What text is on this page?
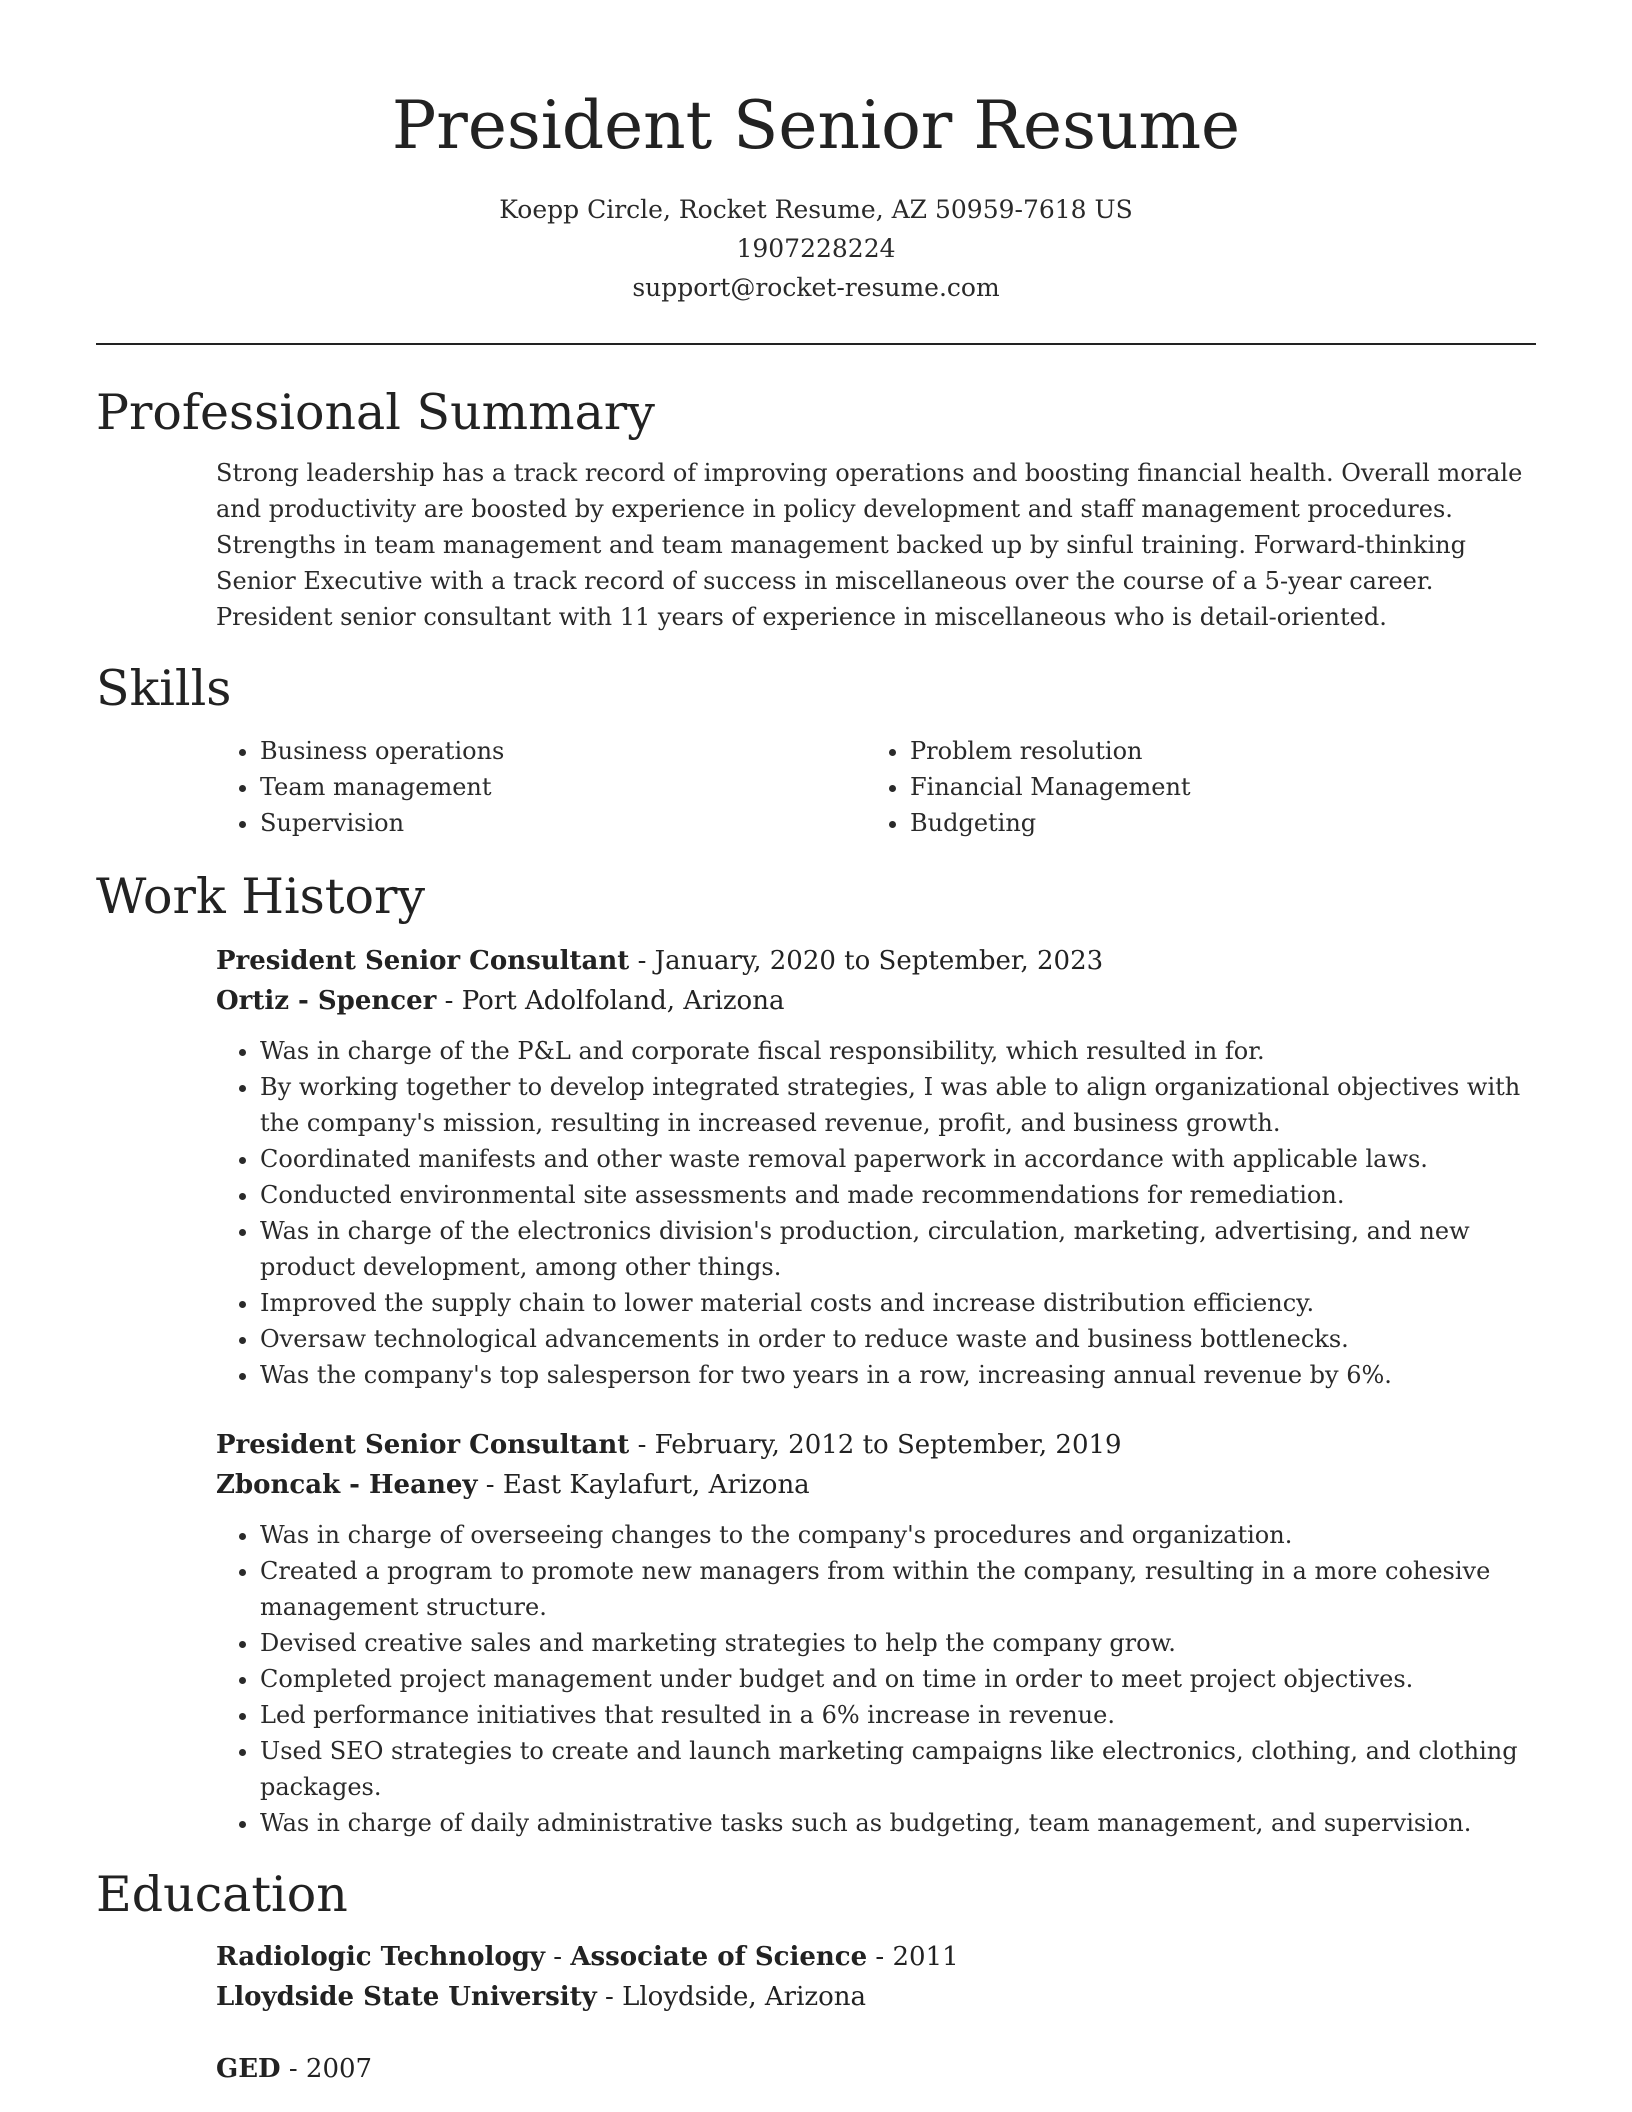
President Senior Resume
Koepp Circle, Rocket Resume, AZ 50959-7618 US
1907228224
support@rocket-resume.com
Professional Summary

Strong leadership has a track record of improving operations and boosting financial health. Overall morale and productivity are boosted by experience in policy development and staff management procedures. Strengths in team management and team management backed up by sinful training. Forward-thinking Senior Executive with a track record of success in miscellaneous over the course of a 5-year career. President senior consultant with 11 years of experience in miscellaneous who is detail-oriented.

Skills
• Business operations
• Team management
• Supervision
• Problem resolution
• Financial Management
• Budgeting
Work History
President Senior Consultant - January, 2020 to September, 2023
Ortiz - Spencer - Port Adolfoland, Arizona
• Was in charge of the P&L and corporate fiscal responsibility, which resulted in for.
• By working together to develop integrated strategies, I was able to align organizational objectives with the company's mission, resulting in increased revenue, profit, and business growth.
• Coordinated manifests and other waste removal paperwork in accordance with applicable laws.
• Conducted environmental site assessments and made recommendations for remediation.
• Was in charge of the electronics division's production, circulation, marketing, advertising, and new product development, among other things.
• Improved the supply chain to lower material costs and increase distribution efficiency.
• Oversaw technological advancements in order to reduce waste and business bottlenecks.
• Was the company's top salesperson for two years in a row, increasing annual revenue by 6%.
President Senior Consultant - February, 2012 to September, 2019
Zboncak - Heaney - East Kaylafurt, Arizona
• Was in charge of overseeing changes to the company's procedures and organization.
• Created a program to promote new managers from within the company, resulting in a more cohesive management structure.
• Devised creative sales and marketing strategies to help the company grow.
• Completed project management under budget and on time in order to meet project objectives.
• Led performance initiatives that resulted in a 6% increase in revenue.
• Used SEO strategies to create and launch marketing campaigns like electronics, clothing, and clothing packages.
• Was in charge of daily administrative tasks such as budgeting, team management, and supervision.
Education
Radiologic Technology - Associate of Science - 2011
Lloydside State University - Lloydside, Arizona
GED - 2007
